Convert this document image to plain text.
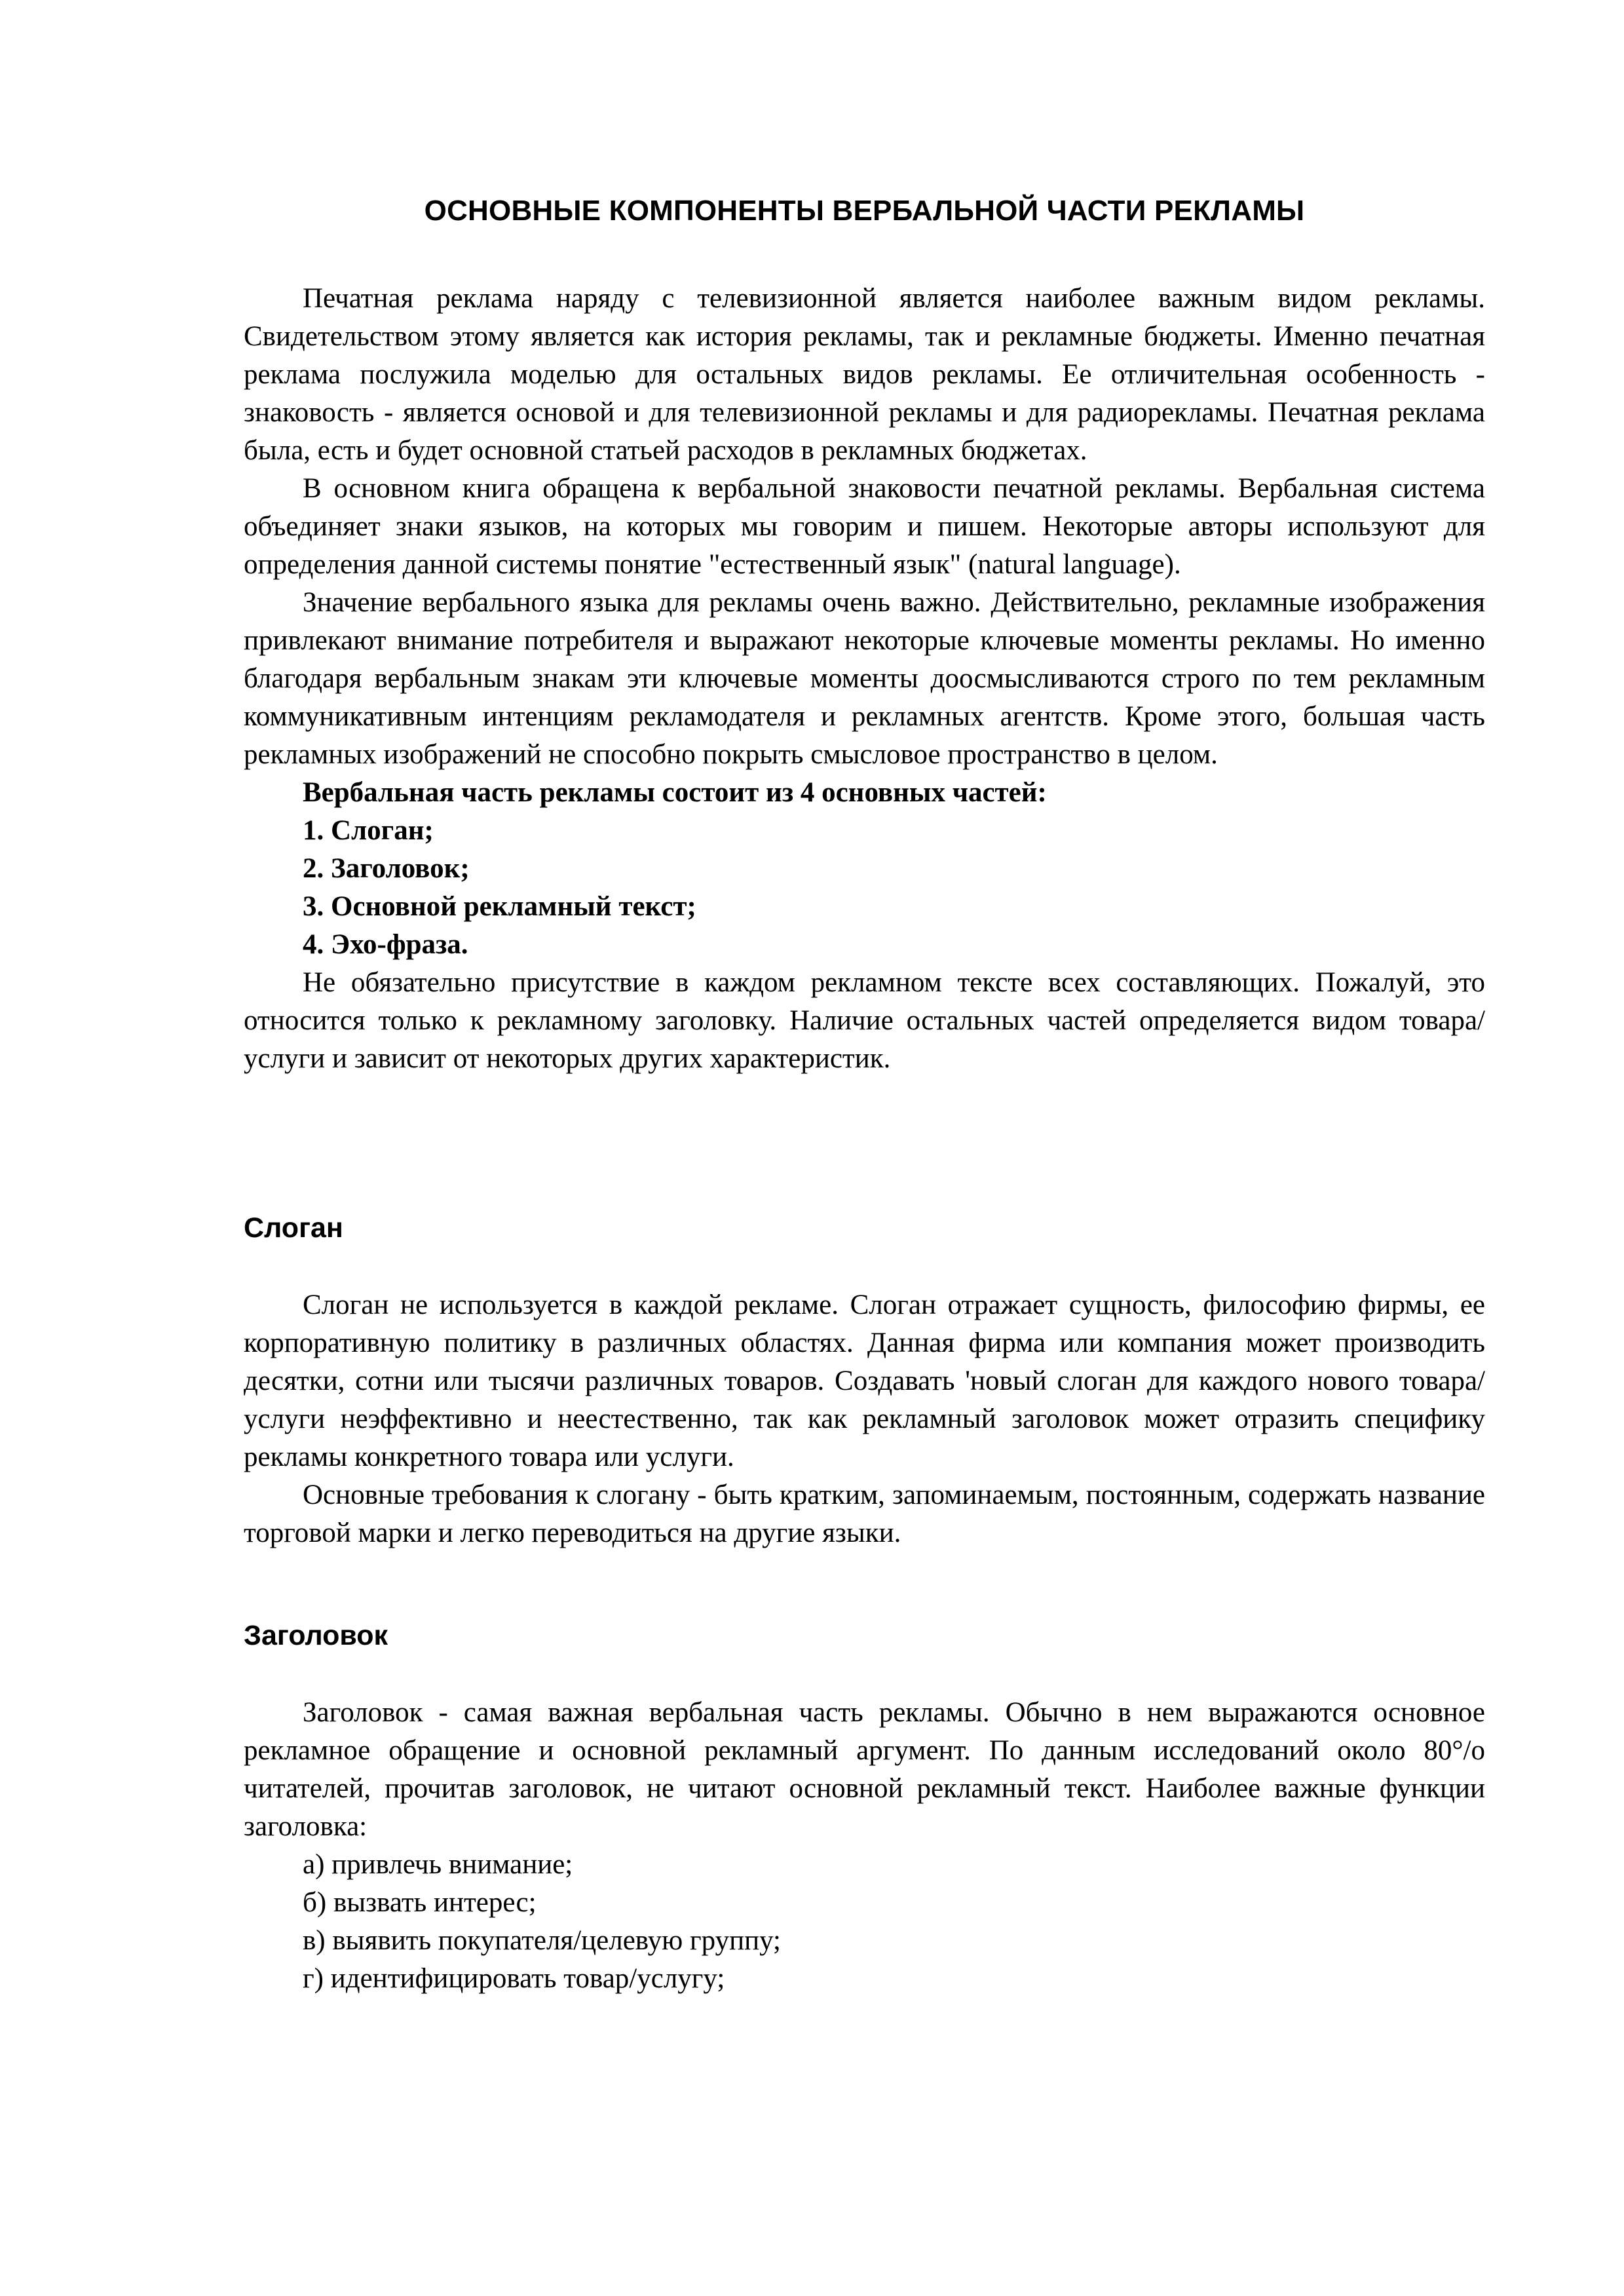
ОСНОВНЫЕ КОМПОНЕНТЫ ВЕРБАЛЬНОЙ ЧАСТИ РЕКЛАМЫ

Печатная реклама наряду с телевизионной является наиболее важным видом рекламы. Свидетельством этому является как история рекламы, так и рекламные бюджеты. Именно печатная реклама послужила моделью для остальных видов рекламы. Ее отличительная особенность - знаковость - является основой и для телевизионной рекламы и для радиорекламы. Печатная реклама была, есть и будет основной статьей расходов в рекламных бюджетах.

В основном книга обращена к вербальной знаковости печатной рекламы. Вербальная система объединяет знаки языков, на которых мы говорим и пишем. Некоторые авторы используют для определения данной системы понятие "естественный язык" (natural language).

Значение вербального языка для рекламы очень важно. Действительно, рекламные изображения привлекают внимание потребителя и выражают некоторые ключевые моменты рекламы. Но именно благодаря вербальным знакам эти ключевые моменты доосмысливаются строго по тем рекламным коммуникативным интенциям рекламодателя и рекламных агентств. Кроме этого, большая часть рекламных изображений не способно покрыть смысловое пространство в целом.

Вербальная часть рекламы состоит из 4 основных частей:

1. Слоган;

2. Заголовок;

3. Основной рекламный текст;

4. Эхо-фраза.

Не обязательно присутствие в каждом рекламном тексте всех составляющих. Пожалуй, это относится только к рекламному заголовку. Наличие остальных частей определяется видом товара/услуги и зависит от некоторых других характеристик.

Слоган

Слоган не используется в каждой рекламе. Слоган отражает сущность, философию фирмы, ее корпоративную политику в различных областях. Данная фирма или компания может производить десятки, сотни или тысячи различных товаров. Создавать 'новый слоган для каждого нового товара/услуги неэффективно и неестественно, так как рекламный заголовок может отразить специфику рекламы конкретного товара или услуги.

Основные требования к слогану - быть кратким, запоминаемым, постоянным, содержать название торговой марки и легко переводиться на другие языки.

Заголовок

Заголовок - самая важная вербальная часть рекламы. Обычно в нем выражаются основное рекламное обращение и основной рекламный аргумент. По данным исследований около 80°/о читателей, прочитав заголовок, не читают основной рекламный текст. Наиболее важные функции заголовка:

а) привлечь внимание;

б) вызвать интерес;

в) выявить покупателя/целевую группу;

г) идентифицировать товар/услугу;
